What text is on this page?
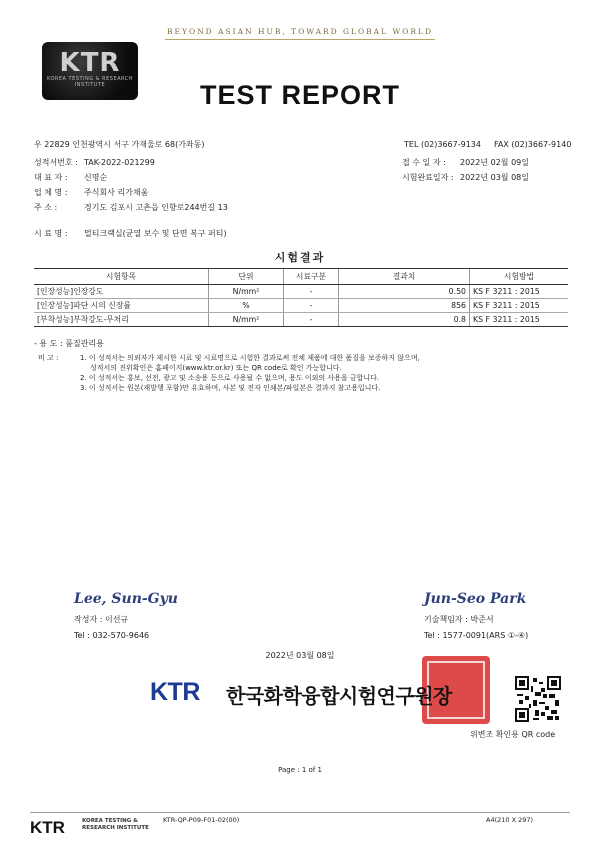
BEYOND ASIAN HUB, TOWARD GLOBAL WORLD
KTR
KOREA TESTING & RESEARCH INSTITUTE	TEST REPORT
우 22829 인천광역시 서구 가재울로 68(가좌동)	TEL (02)3667-9134 FAX (02)3667-9140
성적서번호 : TAK-2022-021299
대 표 자 :	신명순
업 체 명 :	주식회사 리가채움
주 소 :	경기도 김포시 고촌읍 인향로244번길 13
접 수 일 자 :	2022년 02월 09일
시험완료일자 : 2022년 03월 08일
시 료 명 :	멀티크랙실(균열 보수 및 단면 복구 퍼티)
시험결과
시험항목	단위	시료구분	결과치	시험방법
[인장성능]인장강도	N/mm²	-	0.50	KS F 3211 : 2015
[인장성능]파단 시의 신장률	%	-	856	KS F 3211 : 2015
[부착성능]부착강도-무처리	N/mm²	-	0.8	KS F 3211 : 2015
- 용 도 : 품질관리용
비 고 :	1. 이 성적서는 의뢰자가 제시한 시료 및 시료명으로 시험한 결과로써 전체 제품에 대한 품질을 보증하지 않으며,
성적서의 진위확인은 홈페이지(www.ktr.or.kr) 또는 QR code로 확인 가능합니다.
2. 이 성적서는 홍보, 선전, 광고 및 소송용 등으로 사용될 수 없으며, 용도 이외의 사용을 금합니다.
3. 이 성적서는 원본(재발행 포함)만 유효하며, 사본 및 전자 인쇄본/파일본은 결과지 참고용입니다.
Lee, Sun-Gyu
작성자 : 이선규
Tel : 032-570-9646
Jun-Seo Park
기술책임자 : 박준서
Tel : 1577-0091(ARS ①-④)
2022년 03월 08일
KTR 한국화학융합시험연구원장
위변조 확인용 QR code
Page : 1 of 1
KTR	KOREA TESTING &
RESEARCH INSTITUTE
KTR-QP-P09-F01-02(00)	A4(210 X 297)
